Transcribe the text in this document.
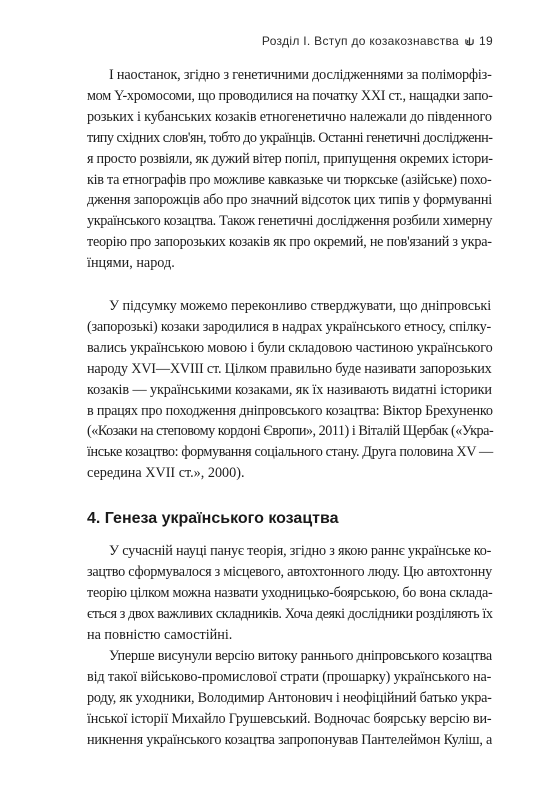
Розділ I. Вступ до козакознавства 19
І наостанок, згідно з генетичними дослідженнями за поліморфіз-
мом Y-хромосоми, що проводилися на початку XXI ст., нащадки запо-
розьких і кубанських козаків етногенетично належали до південного
типу східних слов'ян, тобто до українців. Останні генетичні дослідженн-
я просто розвіяли, як дужий вітер попіл, припущення окремих істори-
ків та етнографів про можливе кавказьке чи тюркське (азійське) похо-
дження запорожців або про значний відсоток цих типів у формуванні
українського козацтва. Також генетичні дослідження розбили химерну
теорію про запорозьких козаків як про окремий, не пов'язаний з укра-
їнцями, народ.
У підсумку можемо переконливо стверджувати, що дніпровські
(запорозькі) козаки зародилися в надрах українського етносу, спілку-
вались українською мовою і були складовою частиною українського
народу XVI—XVIII ст. Цілком правильно буде називати запорозьких
козаків — українськими козаками, як їх називають видатні історики
в працях про походження дніпровського козацтва: Віктор Брехуненко
(«Козаки на степовому кордоні Європи», 2011) і Віталій Щербак («Укра-
їнське козацтво: формування соціального стану. Друга половина XV —
середина XVII ст.», 2000).
4. Генеза українського козацтва
У сучасній науці панує теорія, згідно з якою раннє українське ко-
зацтво сформувалося з місцевого, автохтонного люду. Цю автохтонну
теорію цілком можна назвати уходницько-боярською, бо вона склада-
ється з двох важливих складників. Хоча деякі дослідники розділяють їх
на повністю самостійні.
Уперше висунули версію витоку раннього дніпровського козацтва
від такої військово-промислової страти (прошарку) українського на-
роду, як уходники, Володимир Антонович і неофіційний батько укра-
їнської історії Михайло Грушевський. Водночас боярську версію ви-
никнення українського козацтва запропонував Пантелеймон Куліш, а
